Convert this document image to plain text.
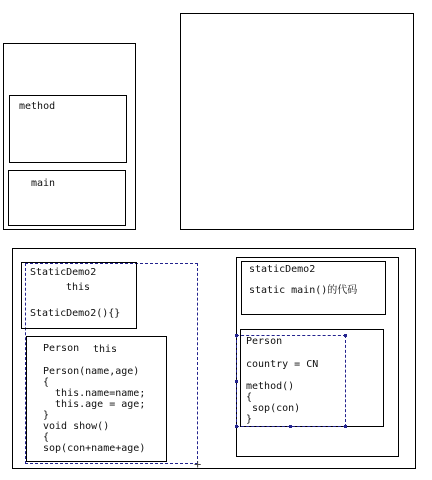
method
main
StaticDemo2
this
StaticDemo2(){}
Person this
Person(name,age)
{
this.name=name;
this.age = age;
}
void show()
{
sop(con+name+age)
staticDemo2
static main()的代码
Person
country = CN
method()
{
sop(con)
}
+
